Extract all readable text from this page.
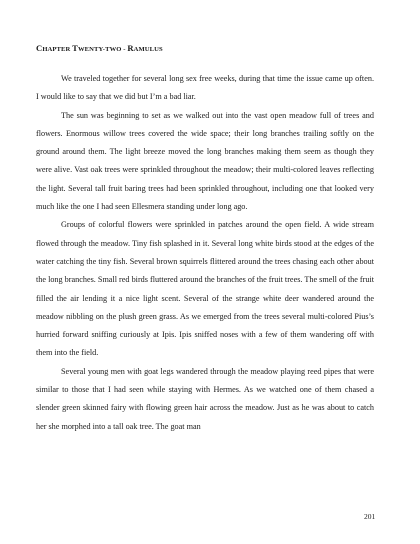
CHAPTER TWENTY-TWO - RAMULUS

We traveled together for several long sex free weeks, during that time the issue came up often. I would like to say that we did but I’m a bad liar.

The sun was beginning to set as we walked out into the vast open meadow full of trees and flowers. Enormous willow trees covered the wide space; their long branches trailing softly on the ground around them. The light breeze moved the long branches making them seem as though they were alive. Vast oak trees were sprinkled throughout the meadow; their multi-colored leaves reflecting the light. Several tall fruit baring trees had been sprinkled throughout, including one that looked very much like the one I had seen Ellesmera standing under long ago.

Groups of colorful flowers were sprinkled in patches around the open field. A wide stream flowed through the meadow. Tiny fish splashed in it. Several long white birds stood at the edges of the water catching the tiny fish. Several brown squirrels flittered around the trees chasing each other about the long branches. Small red birds fluttered around the branches of the fruit trees. The smell of the fruit filled the air lending it a nice light scent. Several of the strange white deer wandered around the meadow nibbling on the plush green grass. As we emerged from the trees several multi-colored Pius’s hurried forward sniffing curiously at Ipis. Ipis sniffed noses with a few of them wandering off with them into the field.

Several young men with goat legs wandered through the meadow playing reed pipes that were similar to those that I had seen while staying with Hermes. As we watched one of them chased a slender green skinned fairy with flowing green hair across the meadow. Just as he was about to catch her she morphed into a tall oak tree. The goat man

201
